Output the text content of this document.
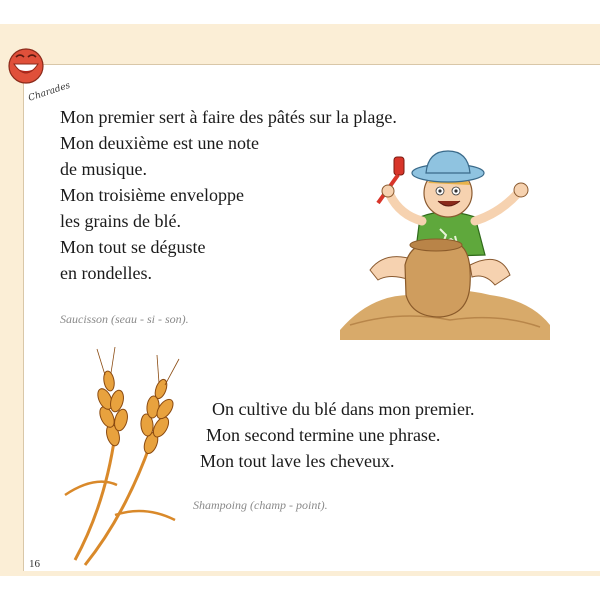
Charades
Mon premier sert à faire des pâtés sur la plage.
Mon deuxième est une note
de musique.
Mon troisième enveloppe
les grains de blé.
Mon tout se déguste
en rondelles.
Saucisson (seau - si - son).
On cultive du blé dans mon premier.
Mon second termine une phrase.
Mon tout lave les cheveux.
Shampoing (champ - point).
16
